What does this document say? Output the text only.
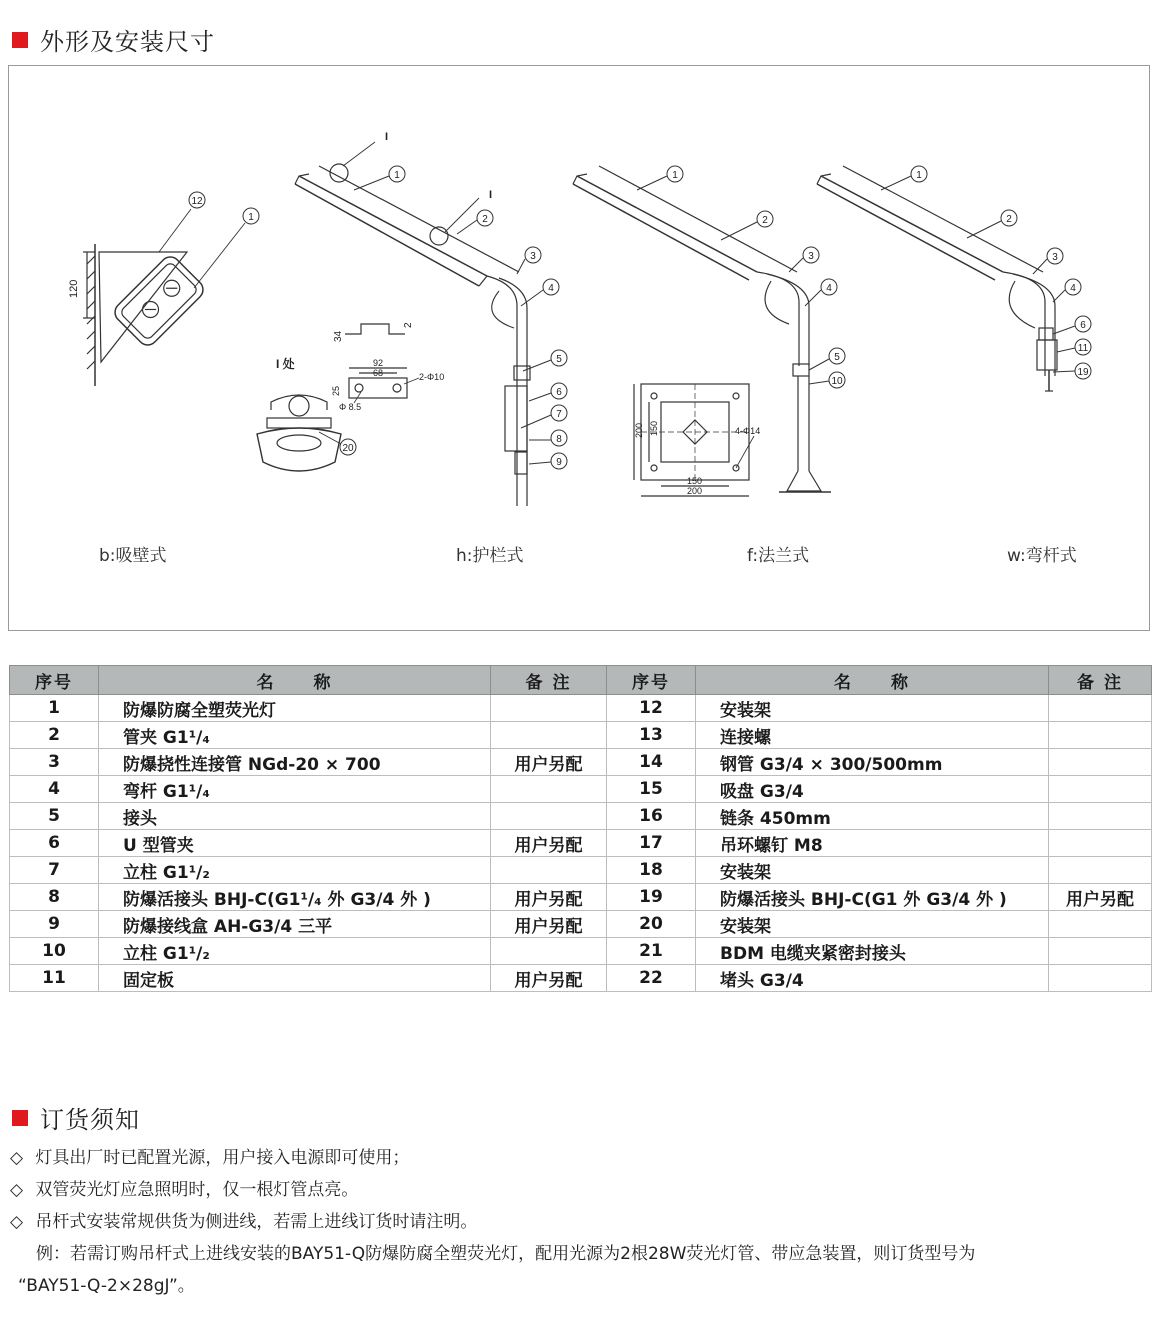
外形及安装尺寸
120
12
1
I 处
20
34
2
92
68
25
2-Φ10
Φ 8.5
I
I
1
2
3
4
5
6
7
8
9
200 150
150
200
4-Φ14
1
2
3
4
5
10
1
2
3
4
6
11
19
b:吸壁式	h:护栏式	f:法兰式	w:弯杆式
序号	名　　称	备 注	序号	名　　称	备 注
1	防爆防腐全塑荧光灯		12	安装架	
2	管夹 G1¹/₄		13	连接螺	
3	防爆挠性连接管 NGd-20 × 700	用户另配	14	钢管 G3/4 × 300/500mm	
4	弯杆 G1¹/₄		15	吸盘 G3/4	
5	接头		16	链条 450mm	
6	U 型管夹	用户另配	17	吊环螺钉 M8	
7	立柱 G1¹/₂		18	安装架	
8	防爆活接头 BHJ-C(G1¹/₄ 外 G3/4 外 )	用户另配	19	防爆活接头 BHJ-C(G1 外 G3/4 外 )	用户另配
9	防爆接线盒 AH-G3/4 三平	用户另配	20	安装架	
10	立柱 G1¹/₂		21	BDM 电缆夹紧密封接头	
11	固定板	用户另配	22	堵头 G3/4	
订货须知
◇ 灯具出厂时已配置光源，用户接入电源即可使用；
◇ 双管荧光灯应急照明时，仅一根灯管点亮。
◇ 吊杆式安装常规供货为侧进线，若需上进线订货时请注明。
例：若需订购吊杆式上进线安装的BAY51-Q防爆防腐全塑荧光灯，配用光源为2根28W荧光灯管、带应急装置，则订货型号为
“BAY51-Q-2×28gJ”。
